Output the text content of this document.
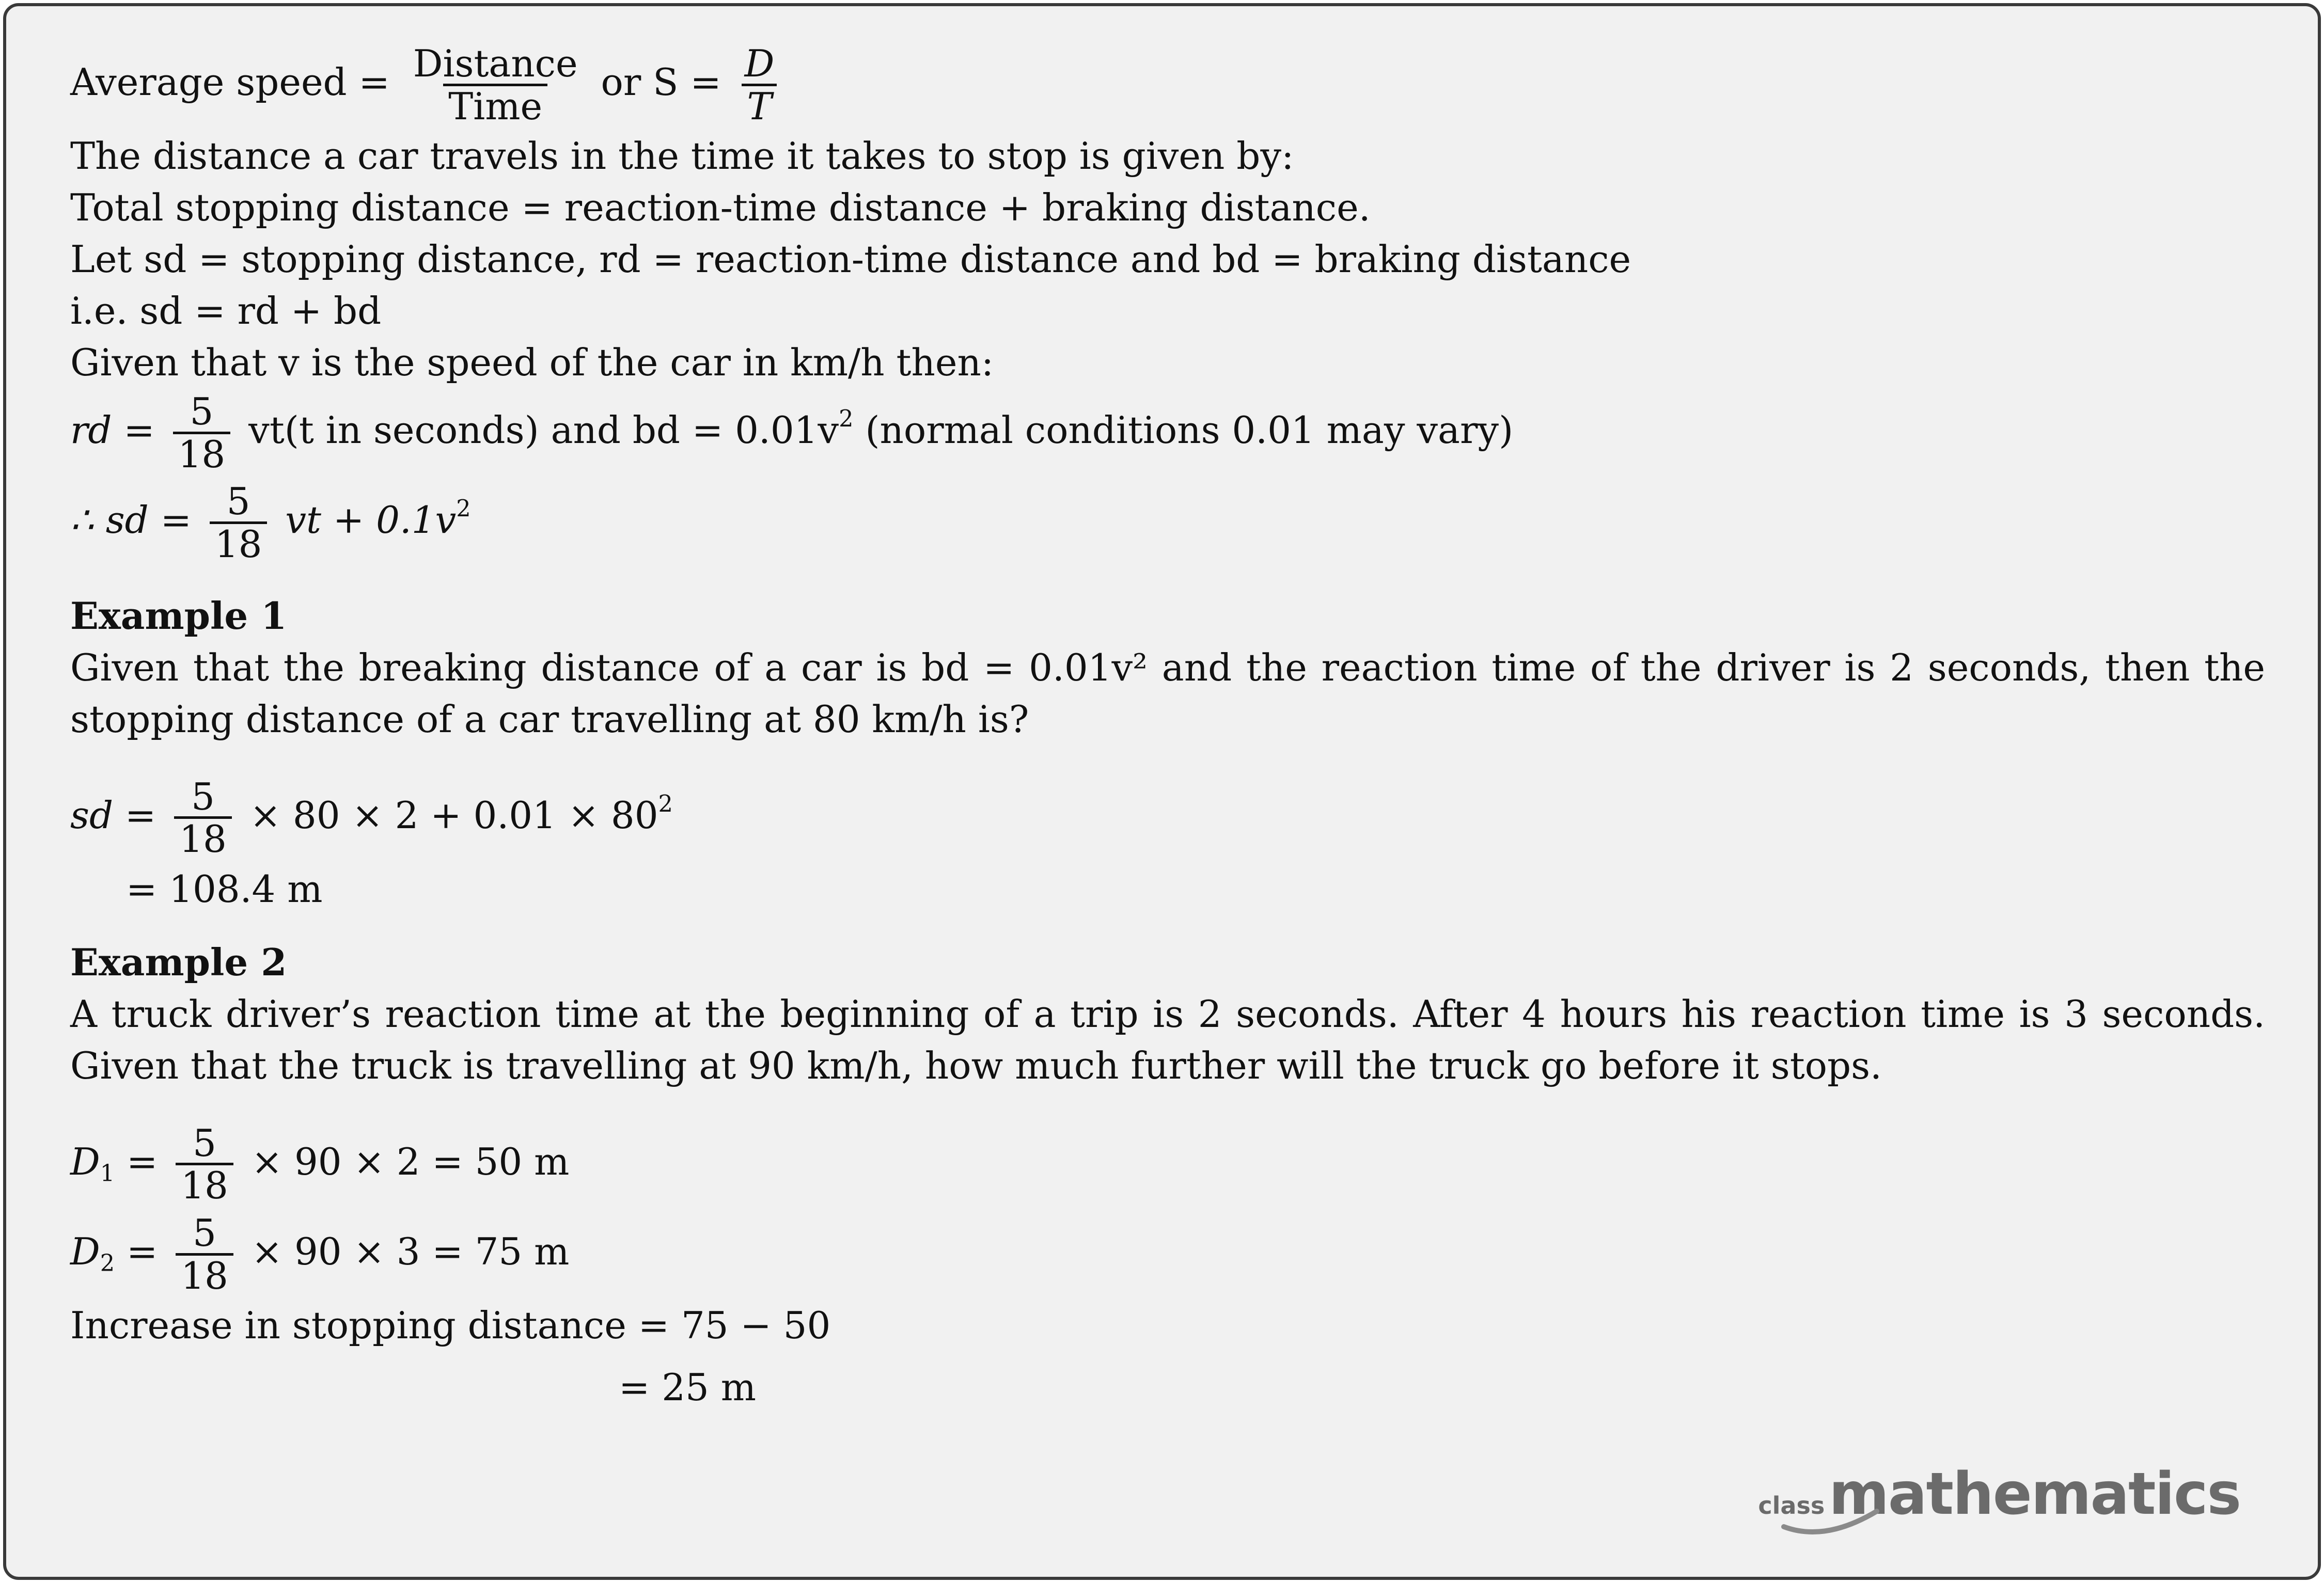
Average speed = $\frac{\text{Distance}}{\text{Time}}$ or $S = \frac{D}{T}$
The distance a car travels in the time it takes to stop is given by:
Total stopping distance = reaction-time distance + braking distance.
Let sd = stopping distance, rd = reaction-time distance and bd = braking distance
i.e. sd = rd + bd
Given that v is the speed of the car in km/h then:
rd = $\frac{5}{18} vt(t$ in seconds) and bd = $0.01v^2$ (normal conditions 0.01 may vary)
∴ sd = $\frac{5}{18}$ vt + $0.1v^2$
Example 1
Given that the breaking distance of a car is bd = 0.01v² and the reaction time of the driver is 2 seconds, then the stopping distance of a car travelling at 80 km/h is?
sd = $\frac{5}{18} \times 80 \times 2 + 0.01 \times 80^2$
= 108.4 m
Example 2
A truck driver’s reaction time at the beginning of a trip is 2 seconds. After 4 hours his reaction time is 3 seconds. Given that the truck is travelling at 90 km/h, how much further will the truck go before it stops.
$D_1 = \frac{5}{18} \times 90 \times 2 = 50$ m
$D_2 = \frac{5}{18} \times 90 \times 3 = 75$ m
Increase in stopping distance = 75 − 50
= 25 m
class mathematics
